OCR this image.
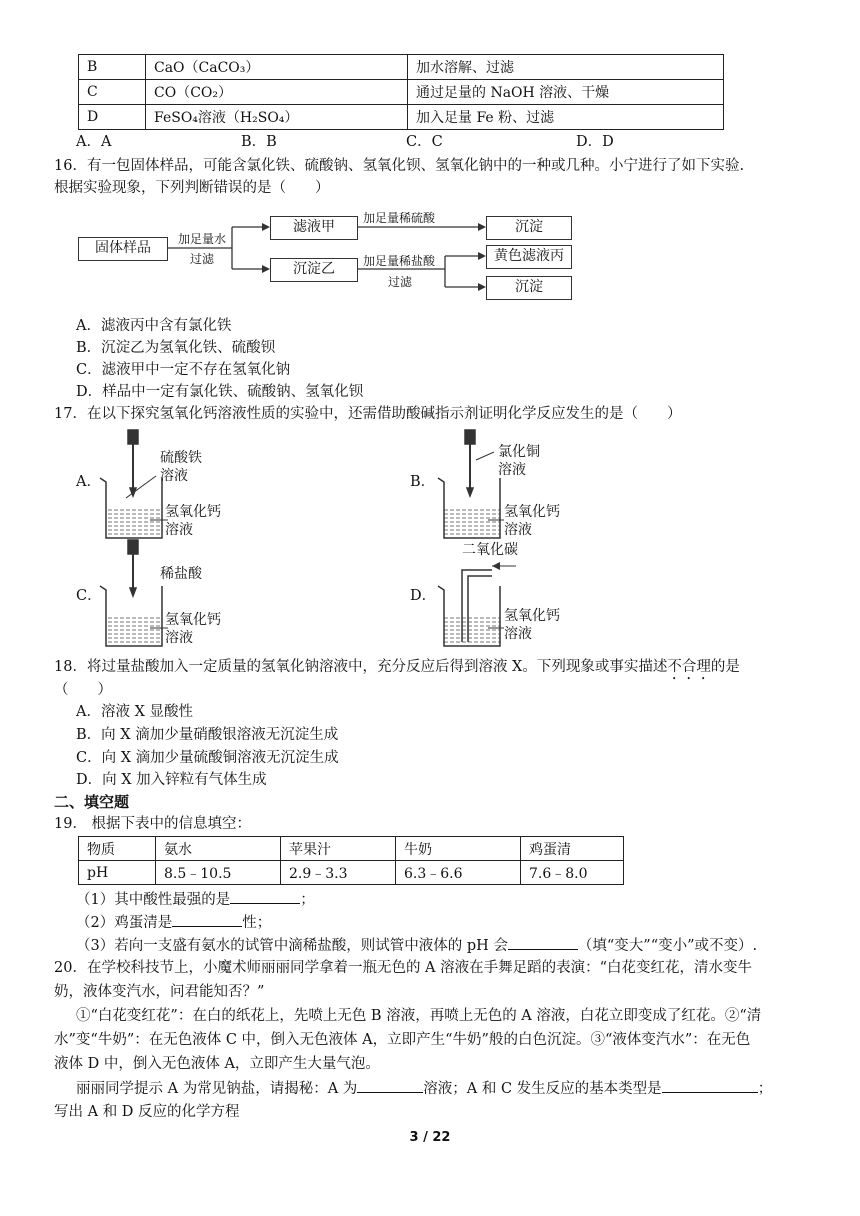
B	CaO（CaCO₃）	加水溶解、过滤
C	CO（CO₂）	通过足量的 NaOH 溶液、干燥
D	FeSO₄溶液（H₂SO₄）	加入足量 Fe 粉、过滤
A．A	B．B	C．C	D．D
16．有一包固体样品，可能含氯化铁、硫酸钠、氢氧化钡、氢氧化钠中的一种或几种。小宁进行了如下实验.
根据实验现象，下列判断错误的是（　　）
固体样品
加足量水
过滤
滤液甲
沉淀乙
加足量稀硫酸
加足量稀盐酸
过滤
沉淀
黄色滤液丙
沉淀
A．滤液丙中含有氯化铁
B．沉淀乙为氢氧化铁、硫酸钡
C．滤液甲中一定不存在氢氧化钠
D．样品中一定有氯化铁、硫酸钠、氢氧化钡
17．在以下探究氢氧化钙溶液性质的实验中，还需借助酸碱指示剂证明化学反应发生的是（　　）
A．
硫酸铁
溶液
氢氧化钙
溶液
B．
氯化铜
溶液
氢氧化钙
溶液
C．
稀盐酸
氢氧化钙
溶液
D．
二氧化碳
氢氧化钙
溶液
18．将过量盐酸加入一定质量的氢氧化钠溶液中，充分反应后得到溶液 X。下列现象或事实描述不合理的是
（　　）
A．溶液 X 显酸性
B．向 X 滴加少量硝酸银溶液无沉淀生成
C．向 X 滴加少量硫酸铜溶液无沉淀生成
D．向 X 加入锌粒有气体生成
二、填空题
19． 根据下表中的信息填空：
物质	氨水	苹果汁	牛奶	鸡蛋清
pH	8.5﹣10.5	2.9﹣3.3	6.3﹣6.6	7.6﹣8.0
（1）其中酸性最强的是	；
（2）鸡蛋清是	性；
（3）若向一支盛有氨水的试管中滴稀盐酸，则试管中液体的 pH 会	（填“变大”“变小”或不变）.
20．在学校科技节上，小魔术师丽丽同学拿着一瓶无色的 A 溶液在手舞足蹈的表演：“白花变红花，清水变牛
奶，液体变汽水，问君能知否？”
①“白花变红花”：在白的纸花上，先喷上无色 B 溶液，再喷上无色的 A 溶液，白花立即变成了红花。②“清
水”变“牛奶”：在无色液体 C 中，倒入无色液体 A，立即产生“牛奶”般的白色沉淀。③“液体变汽水”：在无色
液体 D 中，倒入无色液体 A，立即产生大量气泡。
丽丽同学提示 A 为常见钠盐，请揭秘：A 为	溶液；A 和 C 发生反应的基本类型是	；
写出 A 和 D 反应的化学方程
3 / 22
